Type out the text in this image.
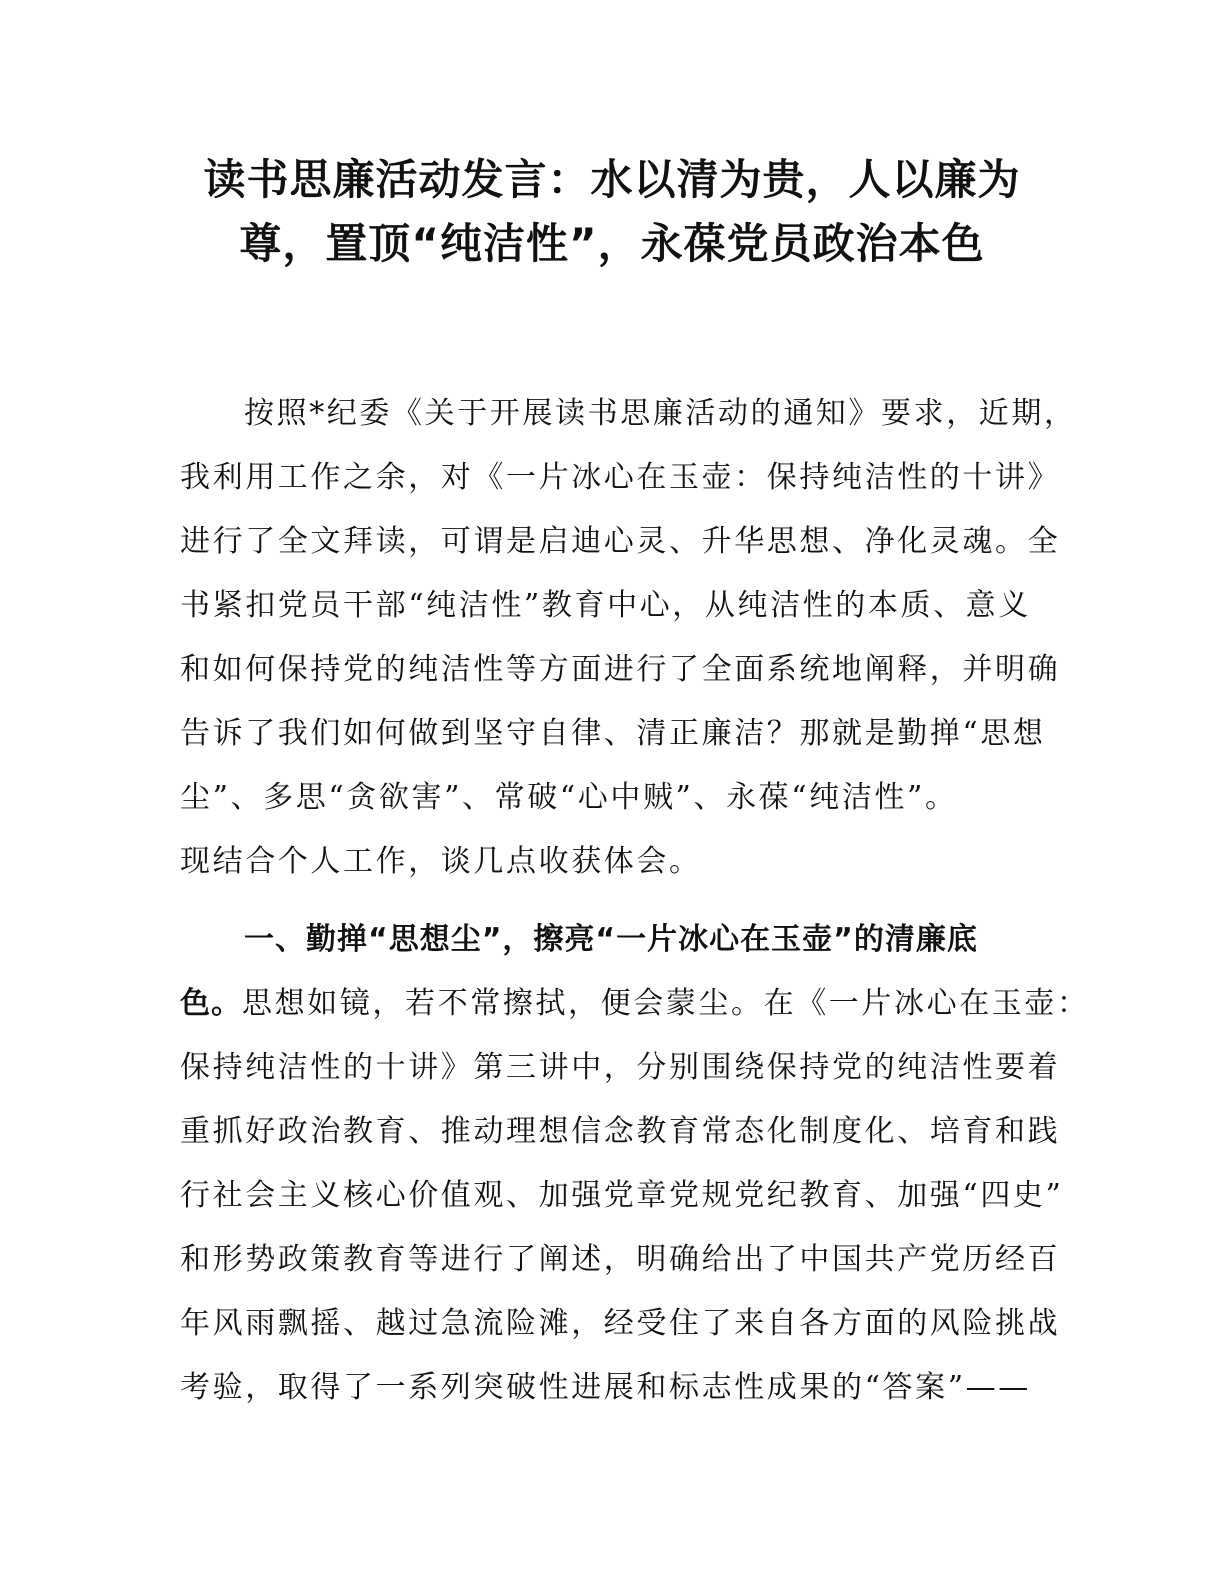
读书思廉活动发言：水以清为贵，人以廉为
尊，置顶“纯洁性”，永葆党员政治本色

按照*纪委《关于开展读书思廉活动的通知》要求，近期，
我利用工作之余，对《一片冰心在玉壶：保持纯洁性的十讲》
进行了全文拜读，可谓是启迪心灵、升华思想、净化灵魂。全
书紧扣党员干部“纯洁性”教育中心，从纯洁性的本质、意义
和如何保持党的纯洁性等方面进行了全面系统地阐释，并明确
告诉了我们如何做到坚守自律、清正廉洁？那就是勤掸“思想
尘”、多思“贪欲害”、常破“心中贼”、永葆“纯洁性”。
现结合个人工作，谈几点收获体会。

一、勤掸“思想尘”，擦亮“一片冰心在玉壶”的清廉底
色。思想如镜，若不常擦拭，便会蒙尘。在《一片冰心在玉壶：
保持纯洁性的十讲》第三讲中，分别围绕保持党的纯洁性要着
重抓好政治教育、推动理想信念教育常态化制度化、培育和践
行社会主义核心价值观、加强党章党规党纪教育、加强“四史”
和形势政策教育等进行了阐述，明确给出了中国共产党历经百
年风雨飘摇、越过急流险滩，经受住了来自各方面的风险挑战
考验，取得了一系列突破性进展和标志性成果的“答案”——
